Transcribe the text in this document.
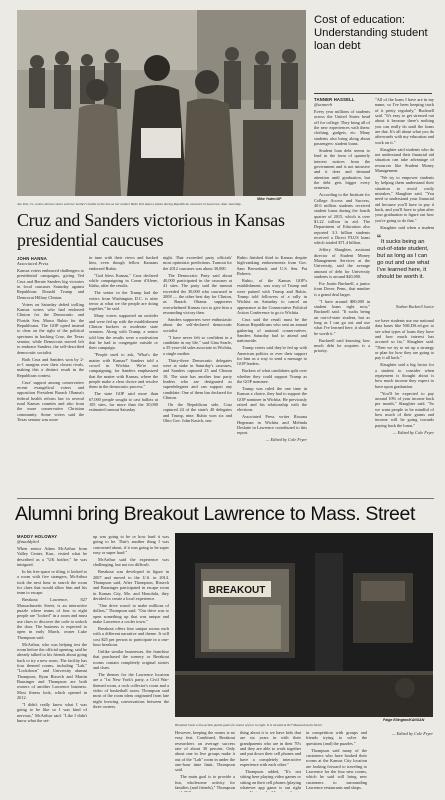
Mike Yoder/AP
Jan Tutt, 31, center, dresses shoes with her mother's ballot in the box as her mother Belle Tutt takes a photo during Republican caucuses in Lawrence, Kan. Saturday.
Cruz and Sanders victorious in Kansas presidential caucuses
JOHN HANNA
Associated Press

Kansas voters embraced challengers to presidential campaigns, giving Ted Cruz and Bernie Sanders big victories in local caucuses Saturday against Republican Donald Trump and Democrat Hillary Clinton.

Voters on Saturday defied trolling Kansas voters who had endorsed Clinton for the Democratic and Florida Sen. Marco Rubio for the Republicans. The GOP opted instead to clear on the right of the political spectrum in backing Cruz, the Texas senator, while Democrats moved left to embrace Sanders, the self-described democratic socialist.

Both Cruz and Sanders won by 2-to-1 margins over their closest rivals, making this a distinct result in the Republican contest.

Cruz' support among conservative recent evangelical voters and opposition President Barack Obama's federal health reform law in several rural Kansas counties and also from the more conservative Christian community. Some voters said the Texas senator was more

in tune with their views and backed him, even though fellow Kansans endorsed Rubio.

"God bless Kansas," Cruz declared while campaigning in Coeur d'Alene, Idaho, after the results.

The senior in the Trump had the voters from Washington D.C. is utter terror at what we the people are doing together," he said.

Many voters supported an outsider and were fed up with the establishment Clinton backers or moderate state senators. Along with Trump, a senior told him the results were a motivation that he had to congregate outside or their campaign.

"People used to ask, 'What's the matter with Kansas?' Sanders told a crowd in Wichita. We're not campaigning, for Sanders emphasized that the matter with Kansas, where the people make a clear choice and resolve them in the democratic process."

The state GOP said more than 67,000 people sought to cast ballots at 105 sites, far more than the 30,000 estimated turnout Saturday

night. That exceeded party officials' most optimistic predictions. Turnout for the 2012 caucuses was about 30,000.

The Democratic Party said about 40,000 participated in the caucuses at 41 sites. The party said the turnout exceeded the 30,000 who caucused in 2008 — the other best day for Clinton, as Barack Obama supporters overwhelmed Kansas two to give him a resounding victory then.

Sanders supporters were enthusiastic about the self-declared democratic socialist.

"I have never felt so confident in a candidate in my life," said Gina Searle, a 35-year-old sales associate in Wichita, a single mother.

Thirty-three Democratic delegates were at stake in Saturday's caucuses, and Sanders captured 23 and Clinton 10. The state has another four party leaders who are designated as superdelegates and can support any candidate. One of them has declared for Clinton.

On the Republican side, Cruz captured 24 of the state's 40 delegates and Trump, nine. Rubio won six and Ohio Gov. John Kasich, one.

Rubio finished third in Kansas despite high-ranking endorsements from Gov. Sam Brownback and U.S. Sen. Pat Roberts.

Rubio, of the Kansas GOP's establishment, was wary of Trump and were pained with Trump and Rubio. Trump told followers of a rally in Wichita on Saturday to cancel an appearance at the Conservative Political Action Conference to go to Wichita.

Cruz said the result must be the Kansas Republicans who sent an annual gathering of national conservatives. Sanders Saturday had to attend and nationwide.

Trump voters said they're fed up with American politics or ever their support for him as a way to send a message to GOP leaders.

Backers of what candidates split over whether they could support Trump as the GOP nominee.

Trump was ruled the one time in Kansas a choice, they had to support the GOP nominee in Wichita. He previously raised and his relationship with the elections.

Associated Press writer Roxana Hegeman in Wichita and Melinda Deslatte in Lawrence contributed to this report.

— Edited by Cole Fryer
Cost of education: Understanding student loan debt
TANNER HASSELL
@tannerh

Every year millions of students across the United States head off for college. They bring all of the new experiences with them: clothing, gadgets, etc. Many students also bring along about passengers: student loans.

Student loan debt seems to lend in the form of quarterly interest notices from the government and is not intrusive and it does and demand attention until graduation, but the debt gets bigger every semester.

According to the Institute for College Access and Success, 40.6 million students received student loans during the fourth quarter of 2015, which is over $1.22 trillion in aid. The Department of Education also reported 3.3 billion students received a Direct PLUS loans which totaled $71.4 billion.

Jeffery Slaughter, assistant director of Student Money Management Services at the University, said the average amount of debt for University students is around $20,000.

For Justin Bucknell, a junior from Dover, Penn., that number is a grand deal larger.

"I have around $80,000 in student loans right now," Bucknell said. "It sucks being an out-of-state student, but as long as I can go out and use what I've learned here, it should be worth it."

Bucknell said knowing how much debt he acquires is a priority.

"All of the loans I have are in my name, so I've been keeping track of it pretty regularly," Bucknell said. "It's easy to get stressed out about it because there's nothing you can really do until the loans are due. It's all about what you do afterwards with my education and work on it."

Slaughter said students who do not understand their financial aid situation can take advantage of resources like Student Money Management.

"We try to empower students by helping them understand their situation to avoid costly mistakes," Slaughter said. "You need to understand your financial aid because you'll have to pay it back, and you'll have to plan after your graduation to figure out how you're going to do that."

Slaughter said when a student

“It sucks being an out-of-state student, but as long as I can go out and use what I've learned here, it should be worth it.
Nathan Bucknell Junior

we have students use our national data bases like NSLDS.ed.gov to see what types of loans they have and how much interest has accrued so far," Slaughter said. "Then we try to set up a strategy or plan for how they are going to pay it all back."

Slaughter said a big factor for a student to consider when repayment is thought about is how much income they expect to have upon graduation.

"You'll be expected to pay around 10% of your income back per month," Slaughter said. "So we want people to be mindful of how much of their grants and income will be going towards paying back the loans."

— Edited by Cole Fryer
Alumni bring Breakout Lawrence to Mass. Street
MADDY HOLOWAY
@maddyhol

When senior Adam McArthur from Valley Center, Kan., visited what he described as a "UK hotfire," he was intrigued.

In his free space or tiling, it looked to a room with five strangers, McArthur took the next hour to search the room for clues that would allow him and his team to escape.

Breakout Lawrence, 827 Massachusetts Street, is an interactive puzzle where teams of four to eight people are "locked" in a room and must use clues to discover the code to unlock the door. The business is expected to open in early March, owner Luke Thompson said.

McArthur, who was helping test the room before the official opening, said he already talked to his friends about going back to try a new room. The facility has four themed rooms, including "Lab," "Lockdown" and University alumni Thompson, Ryan Bissech and Martin Bausinger and Thompson are both owners of another Lawrence business. Most fitness look, which opened in 2012.

"I didn't really know what I was going to be like so I was kind of nervous," McArthur said. "Like I didn't know what the set-

up was going to be or how hard it was going to be. That's another thing I was concerned about, if it was going to be super easy or super hard."

McArthur said the experience was challenging, but not too difficult.

Breakout was developed in figure in 2007 and moved to the U.S. in 2014. Thompson said, After Thompson, Bissech and Bausinger participated in escape room in Kansas City, Mo. and Honolulu, they decided to create a local experience.

"One drive wasn't to make millions of dollars," Thompson said. "Our drive was to open something up that was unique and make Lawrence a cooler town."

Breakout offers four unique rooms each with a different narrative and theme. It will cost $25 per person to participate in a one-hour breakout.

Unlike similar businesses, the franchise that purchased the scenery or Breakout rooms contain completely original stories and clues.

The themes for the Lawrence location are a "1st New York's party, a Civil War-themed room, a rock collector's room and a video of basketball room. Thompson said most of the room ideas originated from late night brewing conversations between the three owners.

BREAKOUT
Paige Ellington/KANSAN
Breakout hosts a live-action puzzle game for teams of four to eight. It is located at 827 Massachusetts Street.

However, keeping the rooms is no easy feat. Combined, Breakout researchers an average success rate of about 30 percent. Only about one in five groups make it out of the "Lab" room in under the one-hour time limit, Thompson said.

The main goal is to provide a fun, wholesome activity for families (and friends)," Thompson

thing about it is we have kids that are six years in with their grandparents who are in their 70's and they are able to work together and put down their cell phones and have a completely interactive experience with each other."

Thompson added, "It's not sitting here playing video games or sitting on their cell phones (playing whatever app game is out right

in competition with groups and friends trying to solve the questions (and) the puzzles."

Thompson said many of the customers who have booked their rooms at the Kansas City location are looking forward to traveling to Lawrence for the four new rooms, which he said will bring new customers to surrounding Lawrence restaurants and shops.

— Edited by Cole Fryer
